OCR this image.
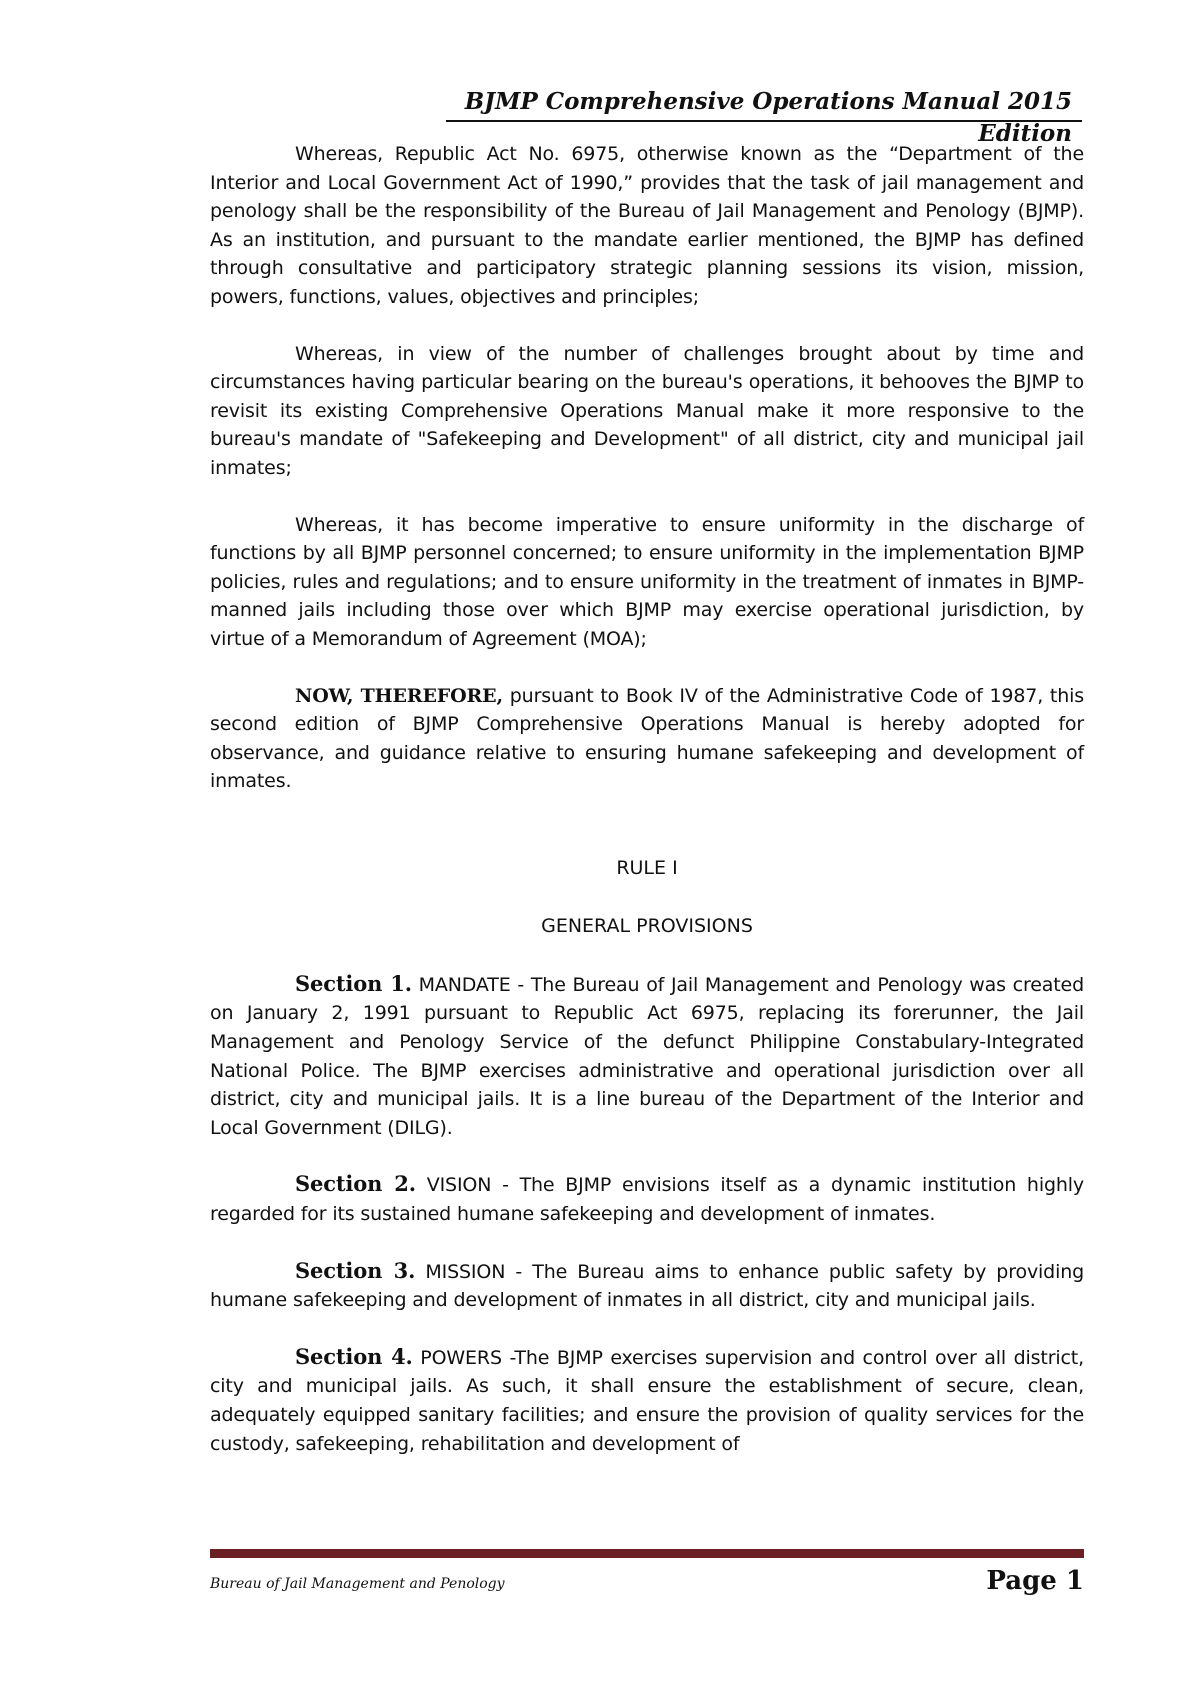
BJMP Comprehensive Operations Manual 2015 Edition

Whereas, Republic Act No. 6975, otherwise known as the “Department of the Interior and Local Government Act of 1990,” provides that the task of jail management and penology shall be the responsibility of the Bureau of Jail Management and Penology (BJMP). As an institution, and pursuant to the mandate earlier mentioned, the BJMP has defined through consultative and participatory strategic planning sessions its vision, mission, powers, functions, values, objectives and principles;

Whereas, in view of the number of challenges brought about by time and circumstances having particular bearing on the bureau's operations, it behooves the BJMP to revisit its existing Comprehensive Operations Manual make it more responsive to the bureau's mandate of "Safekeeping and Development" of all district, city and municipal jail inmates;

Whereas, it has become imperative to ensure uniformity in the discharge of functions by all BJMP personnel concerned; to ensure uniformity in the implementation BJMP policies, rules and regulations; and to ensure uniformity in the treatment of inmates in BJMP-manned jails including those over which BJMP may exercise operational jurisdiction, by virtue of a Memorandum of Agreement (MOA);

NOW, THEREFORE, pursuant to Book IV of the Administrative Code of 1987, this second edition of BJMP Comprehensive Operations Manual is hereby adopted for observance, and guidance relative to ensuring humane safekeeping and development of inmates.

RULE I

GENERAL PROVISIONS

Section 1. MANDATE - The Bureau of Jail Management and Penology was created on January 2, 1991 pursuant to Republic Act 6975, replacing its forerunner, the Jail Management and Penology Service of the defunct Philippine Constabulary-Integrated National Police. The BJMP exercises administrative and operational jurisdiction over all district, city and municipal jails. It is a line bureau of the Department of the Interior and Local Government (DILG).

Section 2. VISION - The BJMP envisions itself as a dynamic institution highly regarded for its sustained humane safekeeping and development of inmates.

Section 3. MISSION - The Bureau aims to enhance public safety by providing humane safekeeping and development of inmates in all district, city and municipal jails.

Section 4. POWERS -The BJMP exercises supervision and control over all district, city and municipal jails. As such, it shall ensure the establishment of secure, clean, adequately equipped sanitary facilities; and ensure the provision of quality services for the custody, safekeeping, rehabilitation and development of

Bureau of Jail Management and Penology	Page 1
